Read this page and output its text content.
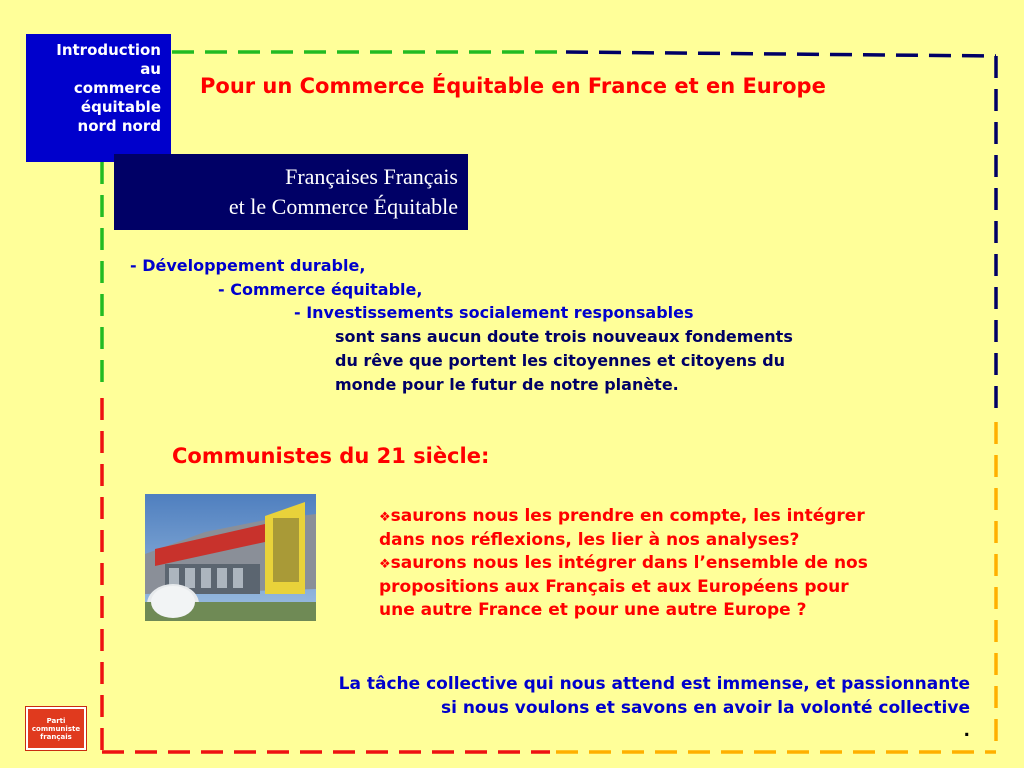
Introduction
au
commerce
équitable
nord nord
Pour un Commerce Équitable en France et en Europe
Françaises Français
et le Commerce Équitable
- Développement durable,
- Commerce équitable,
- Investissements socialement responsables
sont sans aucun doute trois nouveaux fondements
du rêve que portent les citoyennes et citoyens du
monde pour le futur de notre planète.
Communistes du 21 siècle:
❖saurons nous les prendre en compte, les intégrer
dans nos réflexions, les lier à nos analyses?
❖saurons nous les intégrer dans l’ensemble de nos
propositions aux Français et aux Européens pour
une autre France et pour une autre Europe ?
La tâche collective qui nous attend est immense, et passionnante
si nous voulons et savons en avoir la volonté collective
.
Parti
communiste
français
